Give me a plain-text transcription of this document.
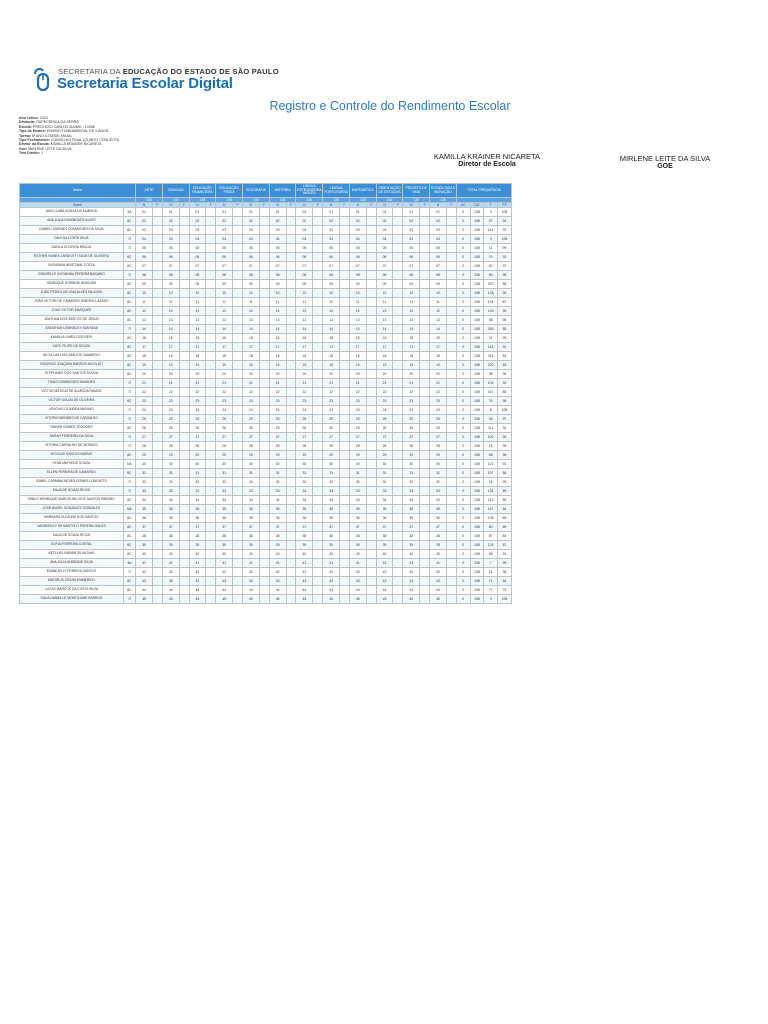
SECRETARIA DA EDUCAÇÃO DO ESTADO DE SÃO PAULO
Secretaria Escolar Digital
Registro e Controle do Rendimento Escolar
Ano Letivo: 2024
Diretoria: ITAPECERICA DA SERRA
Escola: PREOHOSJ CARLOS MAIMO - 10285
Tipo de Ensino: ENSINO FUNDAMENTAL DE 9 ANOS
Turma: 6º ANO A TARDE ANUAL
Tipo Fechamento: CONSELHO FINAL (QUINTO CONCEITO)
Diretor da Escola: KAMILLA KRAINER NICARETA
Goe: MIRLENE LEITE DA SILVA
Tem Diretor: 1	KAMILLA KRAINER NICARETA
Diretor de Escola
MIRLENE LEITE DA SILVA
GOE
Nome		ARTE		CIENCIAS		EDUCAÇÃO FINANCEIRA		EDUCAÇÃO FÍSICA		GEOGRAFIA		HISTÓRIA		LÍNGUA ESTRANGEIRA INGLÊS		LÍNGUA PORTUGUESA		MATEMÁTICA		ORIENTAÇÃO DE ESTUDOS		PROJETO DE VIDA		TECNOLOGIA E INOVAÇÃO		TOTAL FREQUÊNCIA			
		135		135		135		135		135		135		135		135		135		135		135		135					
Nome		N	F	N	F	N	F	N	F	N	F	N	F	N	F	N	F	N	F	N	F	N	F	N	F	AC	TAL	T	PT
ANA CLARA SOUZA DE ALMEIDA	9A	01		01		01		01		01		01		01		01		01		01		01		01		0	108	3	108
ANA JULIA DOMINGUES ALVES	8C	02		02		02		02		02		02		02		02		02		02		02		02		0	108	57	94
DANIELI MORAES DOMINGUES DA SILVA	8C	03		03		03		03		03		03		03		03		03		03		03		03		0	108	144	92
DAVI DA COSTA SILVA	7I	04		04		04		04		04		04		04		04		04		04		04		04		0	108	3	108
DAVILA OLIVEIRA BRAGA	7I	05		05		05		05		05		05		05		05		05		05		05		05		0	108	11	99
ESTHER NUNES JARDIOTTI SILVA DE OLIVEIRA	8C	06		06		06		06		06		06		06		06		06		06		06		06		0	108	70	93
GIOVANNA HENTZNAL FOZZA	8C	07		07		07		07		07		07		07		07		07		07		07		07		0	108	62	97
GRAZIELLE GIOVANNA PEREIRA BASARIO	7I	08		08		08		08		08		08		08		08		08		08		08		08		0	108	80	96
HENRIQUE KORNDEI NIMGUES	8C	09		09		09		09		09		09		09		09		09		09		09		09		0	108	203	85
JOÃO PEDRO DE LIMA ALVES PAULINO	8C	10		10		10		10		10		10		10		10		10		10		10		10		0	108	138	90
JOÃO VICTOR DE CAMARGO RIBEIRO LAZARO	8C	11		11		11		11		11		11		11		11		11		11		11		11		0	108	191	87
JOAO VICTOR MARQUES	8C	12		12		12		12		12		12		12		12		12		12		12		12		0	108	139	90
JOATHAN DOS SANTOS DE JESUS	8C	13		13		13		13		13		13		13		13		13		13		13		13		0	108	58	96
JONATHAN LEBINSCKY SANTANA	7I	14		14		14		14		14		14		14		14		14		14		14		14		0	108	283	85
KAMILLA LIMEU DOS REIS	8C	15		15		15		15		15		15		15		15		15		15		15		15		0	108	31	99
KAYC FILIPE DE SOUZA	8C	17		17		17		17		17		17		17		17		17		17		17		17		0	108	115	91
NICOLLAS DOS SANTOS CAMARGO	8C	18		18		18		18		18		18		18		18		18		18		18		18		0	108	216	84
RODRIGO JOAQUIM BARROS NICOLATI	8C	19		19		19		19		19		19		19		19		19		19		19		19		0	108	222	83
STEPHANIE DOS SANTOS SOUZA	8C	20		20		20		20		20		20		20		20		20		20		20		20		0	108	38	96
THAIS DOMINGUES NIMGUES	7I	21		21		21		21		21		21		21		21		21		21		21		21		0	108	104	92
VICTOR MATEUS DE ALMEIDA RAMOS	7I	22		22		22		22		22		22		22		22		22		22		22		22		0	108	167	88
VICTOR SOUZA DE OLIVEIRA	8C	23		23		23		23		23		23		23		23		23		23		23		23		0	108	76	95
VINICIUS OLIVEIRA MAXIMO	7I	24		24		24		24		24		24		24		24		24		24		24		24		0	108	8	108
VITORIO MENDES DE CARVALHO	7I	25		25		25		25		25		25		25		25		25		25		25		25		0	108	36	97
YASMIN GOMES TEODORO	8C	26		26		26		26		26		26		26		26		26		26		26		26		0	108	111	92
SARAH FERREIRA DA SILVA	7I	27		27		27		27		27		27		27		27		27		27		27		27		0	108	102	90
VITORIA CARVALHO DE MORAES	7I	28		28		28		28		28		28		28		28		28		28		28		28		0	108	18	99
NICOLAS SANTOS BUENO	8C	29		29		29		29		29		29		29		29		29		29		29		29		0	108	66	95
RYAN MATHEUS SOUZA	NA	30		30		30		30		30		30		30		30		30		30		30		30		0	108	122	91
ELLEN PEREIRA DE CAMARGO	8C	31		31		31		31		31		31		31		31		31		31		31		31		0	108	197	86
ISABEL CARMINA NEVES GOMES LONGATTO	7I	32		32		32		32		32		32		32		32		32		32		32		32		0	108	18	99
KAUA DE SOUZA RICKS	7I	33		33		33		33		33		33		33		33		33		33		33		33		0	108	134	89
PABLO HENRIQUE MARCELINO DOS SANTOS RIBEIRO	8C	34		34		34		34		34		34		34		34		34		34		34		34		0	108	113	89
JOSE ANGEL GONZALEZ GONZALEZ	NA	35		35		35		35		35		35		35		35		35		35		35		35		0	108	167	84
BARBARA OLIVEIRA DOS SANTOS	8C	36		36		36		36		36		36		36		36		36		36		36		36		0	108	136	89
VANDERLEY DE BARTOLO PEREIRA SALES	8C	37		37		37		37		37		37		37		37		37		37		37		37		0	108	80	89
KAUA DE SOUZA RICKS	8C	38		38		38		38		38		38		38		38		38		38		38		38		0	108	87	84
SOFIA FERREIRA COSTAL	8C	39		39		39		39		39		39		39		39		39		39		39		39		0	108	124	87
KETLLYN YASMIN SILVA DIAS	8C	40		40		40		40		40		40		40		40		40		40		40		40		0	108	69	91
ANA JULIA ANDRADE SILVA	8d	41		41		41		41		41		41		41		41		41		41		41		41		0	108	7	99
EMANUELLY PEREIRA SANTOS	7I	42		42		42		42		42		42		42		42		42		42		42		42		0	108	21	96
MATHEUS CESAR EMMERICH	8C	43		43		43		43		43		43		43		43		43		43		43		43		0	108	71	84
LUCAS MARCOS DA COSTA SILVA	8C	44		44		44		44		44		44		44		44		44		44		44		44		0	108	77	78
KAUA DANIELLE MONTILIANE BARROS	7I	45		45		45		45		45		45		45		45		45		45		45		45		0	108	3	108
